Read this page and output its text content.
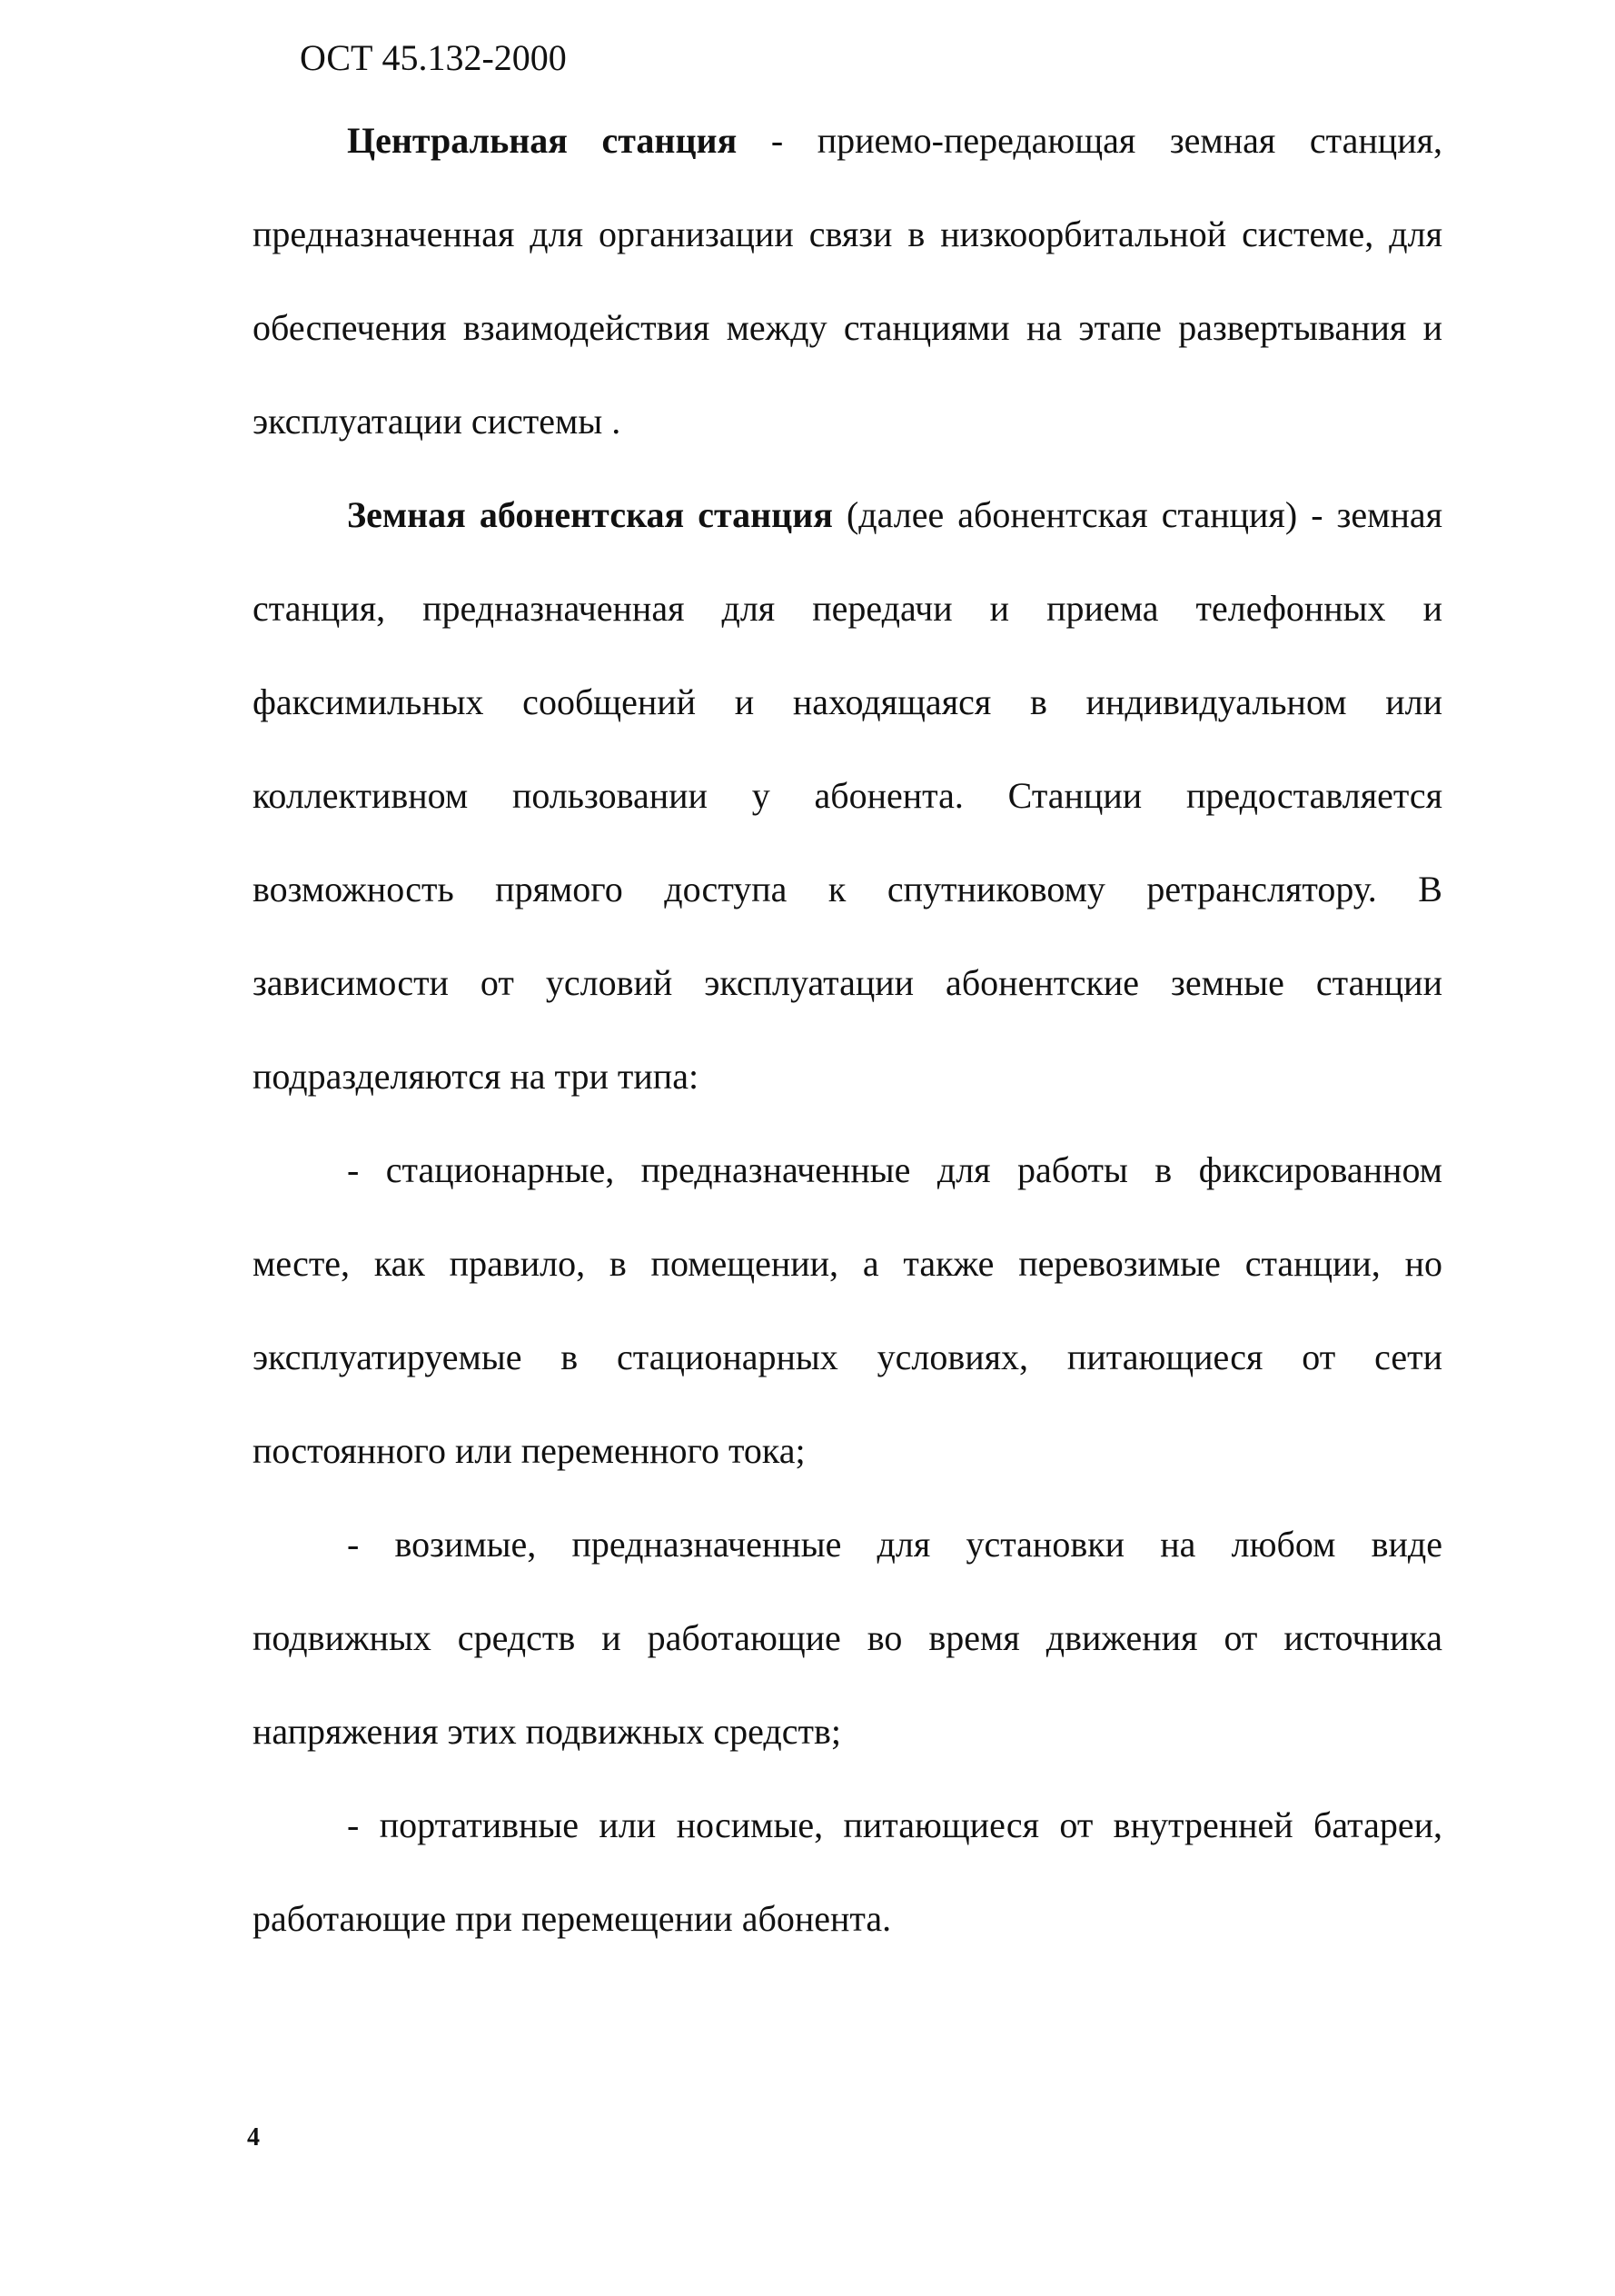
ОСТ 45.132-2000

Центральная станция - приемо-передающая земная станция, предназначенная для организации связи в низкоорбитальной системе, для обеспечения взаимодействия между станциями на этапе развертывания и эксплуатации системы .

Земная абонентская станция (далее абонентская станция) - земная станция, предназначенная для передачи и приема телефонных и факсимильных сообщений и находящаяся в индивидуальном или коллективном пользовании у абонента. Станции предоставляется возможность прямого доступа к спутниковому ретранслятору. В зависимости от условий эксплуатации абонентские земные станции подразделяются на три типа:

- стационарные, предназначенные для работы в фиксированном месте, как правило, в помещении, а также перевозимые станции, но эксплуатируемые в стационарных условиях, питающиеся от сети постоянного или переменного тока;

- возимые, предназначенные для установки на любом виде подвижных средств и работающие во время движения от источника напряжения этих подвижных средств;

- портативные или носимые, питающиеся от внутренней батареи, работающие при перемещении абонента.

4
